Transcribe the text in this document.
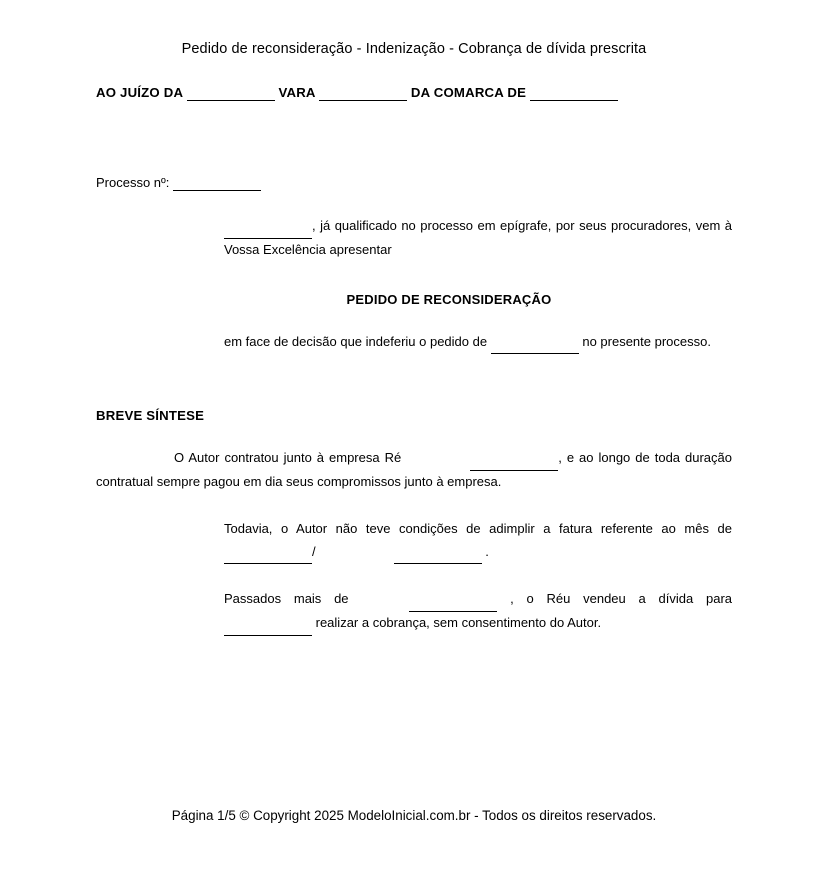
Pedido de reconsideração - Indenização - Cobrança de dívida prescrita
AO JUÍZO DA	VARA	DA COMARCA DE
Processo nº:
, já qualificado no processo em epígrafe, por seus procuradores, vem à Vossa Excelência apresentar
PEDIDO DE RECONSIDERAÇÃO
em face de decisão que indeferiu o pedido de	no presente processo.
BREVE SÍNTESE
O Autor contratou junto à empresa Ré	, e ao longo de toda duração contratual sempre pagou em dia seus compromissos junto à empresa.
Todavia, o Autor não teve condições de adimplir a fatura referente ao mês de  /	.
Passados mais de	, o Réu vendeu a dívida para   realizar a cobrança, sem consentimento do Autor.
Página 1/5 © Copyright 2025 ModeloInicial.com.br - Todos os direitos reservados.
